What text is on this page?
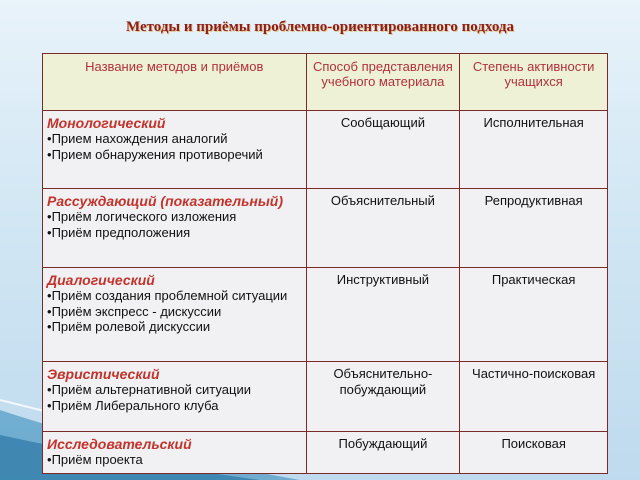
Методы и приёмы проблемно-ориентированного подхода
Название методов и приёмов	Способ представления учебного материала	Степень активности учащихся

Монологический
• Прием нахождения аналогий
• Прием обнаружения противоречий	Сообщающий	Исполнительная

Рассуждающий (показательный)
• Приём логического изложения
• Приём предположения	Объяснительный	Репродуктивная

Диалогический
• Приём создания проблемной ситуации
• Приём экспресс - дискуссии
• Приём ролевой дискуссии	Инструктивный	Практическая

Эвристический
• Приём альтернативной ситуации
• Приём Либерального клуба	Объяснительно-побуждающий	Частично-поисковая

Исследовательский
• Приём проекта	Побуждающий	Поисковая
